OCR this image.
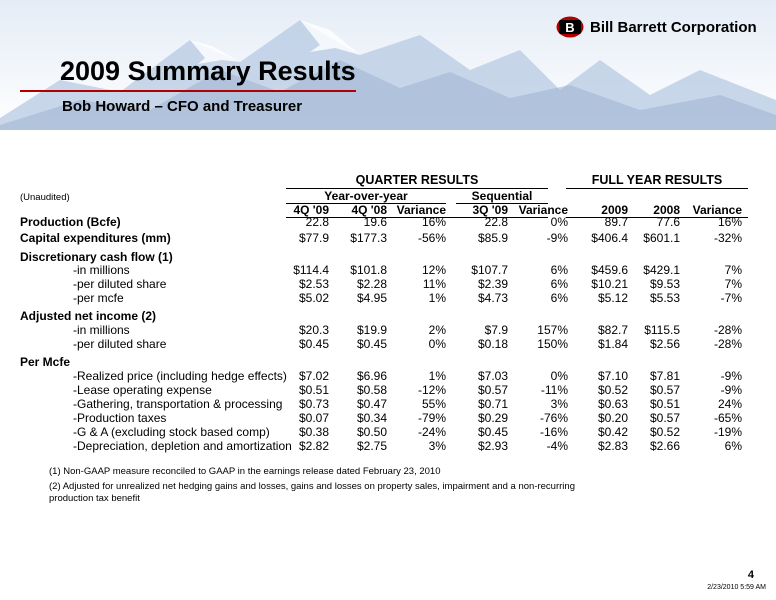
B Bill Barrett Corporation
2009 Summary Results
Bob Howard – CFO and Treasurer
QUARTER RESULTS	FULL YEAR RESULTS
(Unaudited)	Year-over-year	Sequential
4Q '09	4Q '08 Variance	3Q '09 Variance	2009	2008	Variance
Production (Bcfe)	22.8	19.6	16%	22.8	0%	89.7	77.6	16%
Capital expenditures (mm)	$77.9	$177.3	-56%	$85.9	-9%	$406.4	$601.1	-32%
Discretionary cash flow (1)
-in millions	$114.4	$101.8	12%	$107.7	6%	$459.6	$429.1	7%
-per diluted share	$2.53	$2.28	11%	$2.39	6%	$10.21	$9.53	7%
-per mcfe	$5.02	$4.95	1%	$4.73	6%	$5.12	$5.53	-7%
Adjusted net income (2)
-in millions	$20.3	$19.9	2%	$7.9	157%	$82.7	$115.5	-28%
-per diluted share	$0.45	$0.45	0%	$0.18	150%	$1.84	$2.56	-28%
Per Mcfe
-Realized price (including hedge effects)	$7.02	$6.96	1%	$7.03	0%	$7.10	$7.81	-9%
-Lease operating expense	$0.51	$0.58	-12%	$0.57	-11%	$0.52	$0.57	-9%
-Gathering, transportation & processing	$0.73	$0.47	55%	$0.71	3%	$0.63	$0.51	24%
-Production taxes	$0.07	$0.34	-79%	$0.29	-76%	$0.20	$0.57	-65%
-G & A (excluding stock based comp)	$0.38	$0.50	-24%	$0.45	-16%	$0.42	$0.52	-19%
-Depreciation, depletion and amortization $2.82	$2.75	3%	$2.93	-4%	$2.83	$2.66	6%
(1) Non-GAAP measure reconciled to GAAP in the earnings release dated February 23, 2010
(2) Adjusted for unrealized net hedging gains and losses, gains and losses on property sales, impairment and a non-recurring
production tax benefit
4
2/23/2010 5:59 AM
